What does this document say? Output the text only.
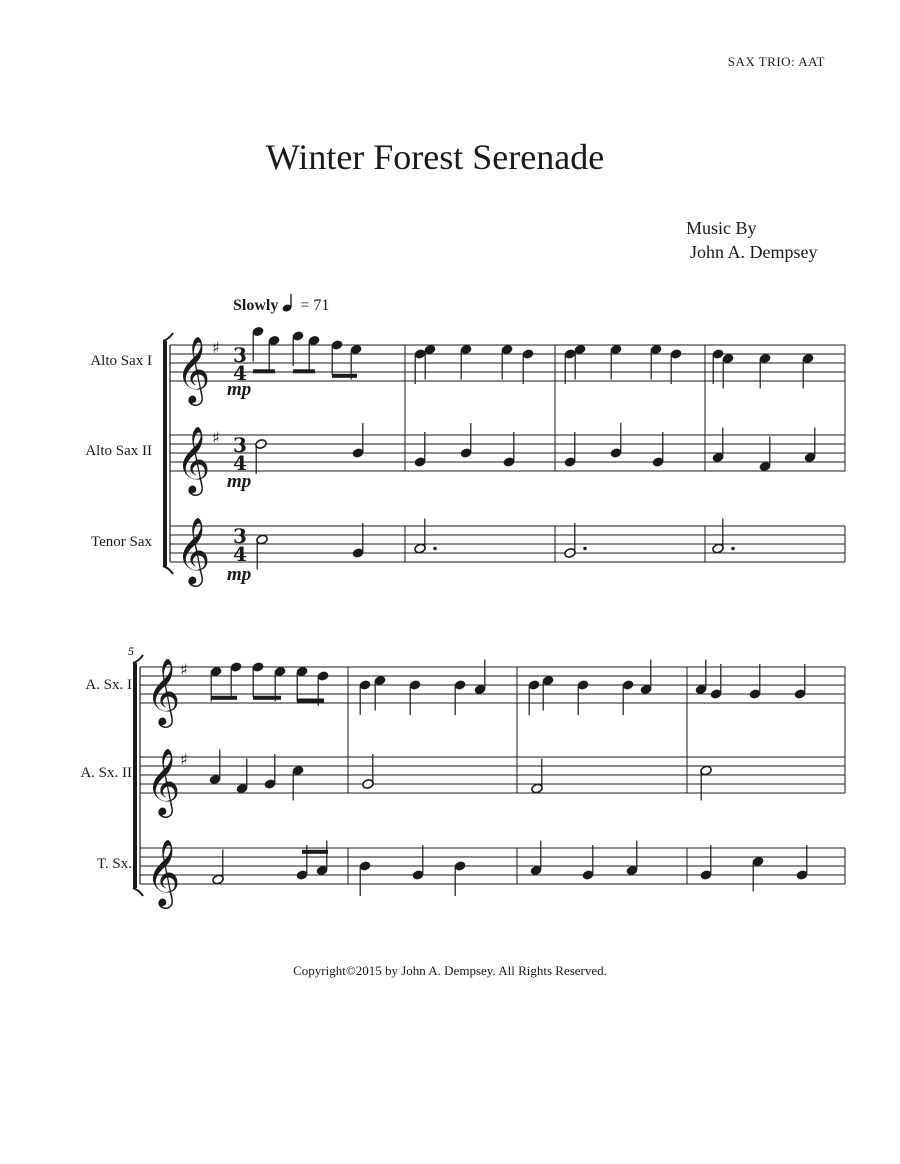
SAX TRIO: AAT
Winter Forest Serenade
Music By
John A. Dempsey
Slowly = 71
Alto Sax I
Alto Sax II
Tenor Sax
A. Sx. I
A. Sx. II
T. Sx.
𝄞 ♯ 3
4
mp
𝄞 ♯ 3
4
mp
𝄞 3
4
mp
𝄞 ♯
𝄞 ♯
𝄞
5
Copyright©2015 by John A. Dempsey. All Rights Reserved.
